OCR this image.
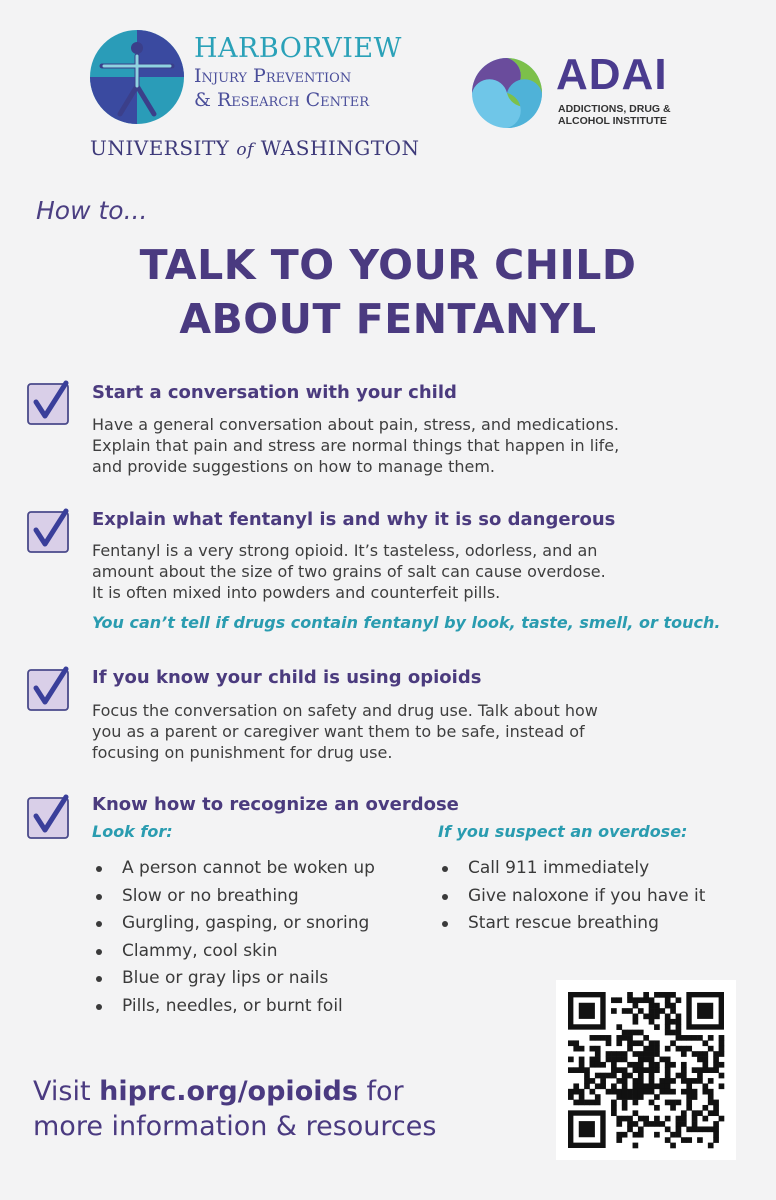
HARBORVIEW
Injury Prevention
& Research Center
UNIVERSITY of WASHINGTON
ADAI
ADDICTIONS, DRUG &
ALCOHOL INSTITUTE
How to...
TALK TO YOUR CHILD
ABOUT FENTANYL
Start a conversation with your child
Have a general conversation about pain, stress, and medications.
Explain that pain and stress are normal things that happen in life,
and provide suggestions on how to manage them.
Explain what fentanyl is and why it is so dangerous
Fentanyl is a very strong opioid. It’s tasteless, odorless, and an
amount about the size of two grains of salt can cause overdose.
It is often mixed into powders and counterfeit pills.
You can’t tell if drugs contain fentanyl by look, taste, smell, or touch.
If you know your child is using opioids
Focus the conversation on safety and drug use. Talk about how
you as a parent or caregiver want them to be safe, instead of
focusing on punishment for drug use.
Know how to recognize an overdose
Look for:	If you suspect an overdose:
A person cannot be woken up
Slow or no breathing
Gurgling, gasping, or snoring
Clammy, cool skin
Blue or gray lips or nails
Pills, needles, or burnt foil
Call 911 immediately
Give naloxone if you have it
Start rescue breathing
Visit hiprc.org/opioids for
more information & resources
